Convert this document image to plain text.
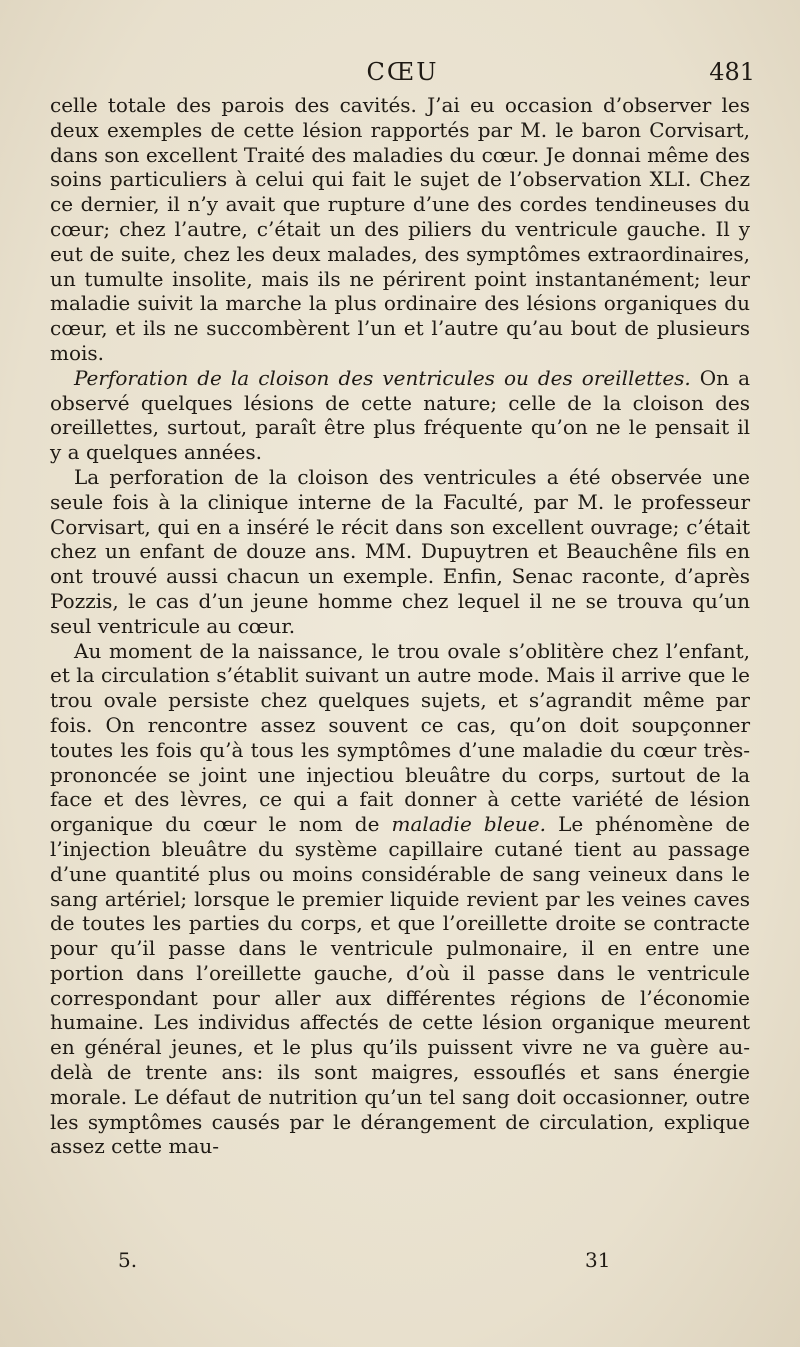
CŒU	481

celle totale des parois des cavités. J’ai eu occasion d’observer les deux exemples de cette lésion rapportés par M. le baron Corvisart, dans son excellent Traité des maladies du cœur. Je donnai même des soins particuliers à celui qui fait le sujet de l’observation XLI. Chez ce dernier, il n’y avait que rupture d’une des cordes tendineuses du cœur; chez l’autre, c’était un des piliers du ventricule gauche. Il y eut de suite, chez les deux malades, des symptômes extraordinaires, un tumulte insolite, mais ils ne périrent point instantanément; leur maladie suivit la marche la plus ordinaire des lésions organiques du cœur, et ils ne succombèrent l’un et l’autre qu’au bout de plusieurs mois.

Perforation de la cloison des ventricules ou des oreillettes. On a observé quelques lésions de cette nature; celle de la cloison des oreillettes, surtout, paraît être plus fréquente qu’on ne le pensait il y a quelques années.

La perforation de la cloison des ventricules a été observée une seule fois à la clinique interne de la Faculté, par M. le professeur Corvisart, qui en a inséré le récit dans son excellent ouvrage; c’était chez un enfant de douze ans. MM. Dupuytren et Beauchêne fils en ont trouvé aussi chacun un exemple. Enfin, Senac raconte, d’après Pozzis, le cas d’un jeune homme chez lequel il ne se trouva qu’un seul ventricule au cœur.

Au moment de la naissance, le trou ovale s’oblitère chez l’enfant, et la circulation s’établit suivant un autre mode. Mais il arrive que le trou ovale persiste chez quelques sujets, et s’agrandit même par fois. On rencontre assez souvent ce cas, qu’on doit soupçonner toutes les fois qu’à tous les symptômes d’une maladie du cœur très-prononcée se joint une injectiou bleuâtre du corps, surtout de la face et des lèvres, ce qui a fait donner à cette variété de lésion organique du cœur le nom de maladie bleue. Le phénomène de l’injection bleuâtre du système capillaire cutané tient au passage d’une quantité plus ou moins considérable de sang veineux dans le sang artériel; lorsque le premier liquide revient par les veines caves de toutes les parties du corps, et que l’oreillette droite se contracte pour qu’il passe dans le ventricule pulmonaire, il en entre une portion dans l’oreillette gauche, d’où il passe dans le ventricule correspondant pour aller aux différentes régions de l’économie humaine. Les individus affectés de cette lésion organique meurent en général jeunes, et le plus qu’ils puissent vivre ne va guère au-delà de trente ans: ils sont maigres, essouflés et sans énergie morale. Le défaut de nutrition qu’un tel sang doit occasionner, outre les symptômes causés par le dérangement de circulation, explique assez cette mau-

5.	31
